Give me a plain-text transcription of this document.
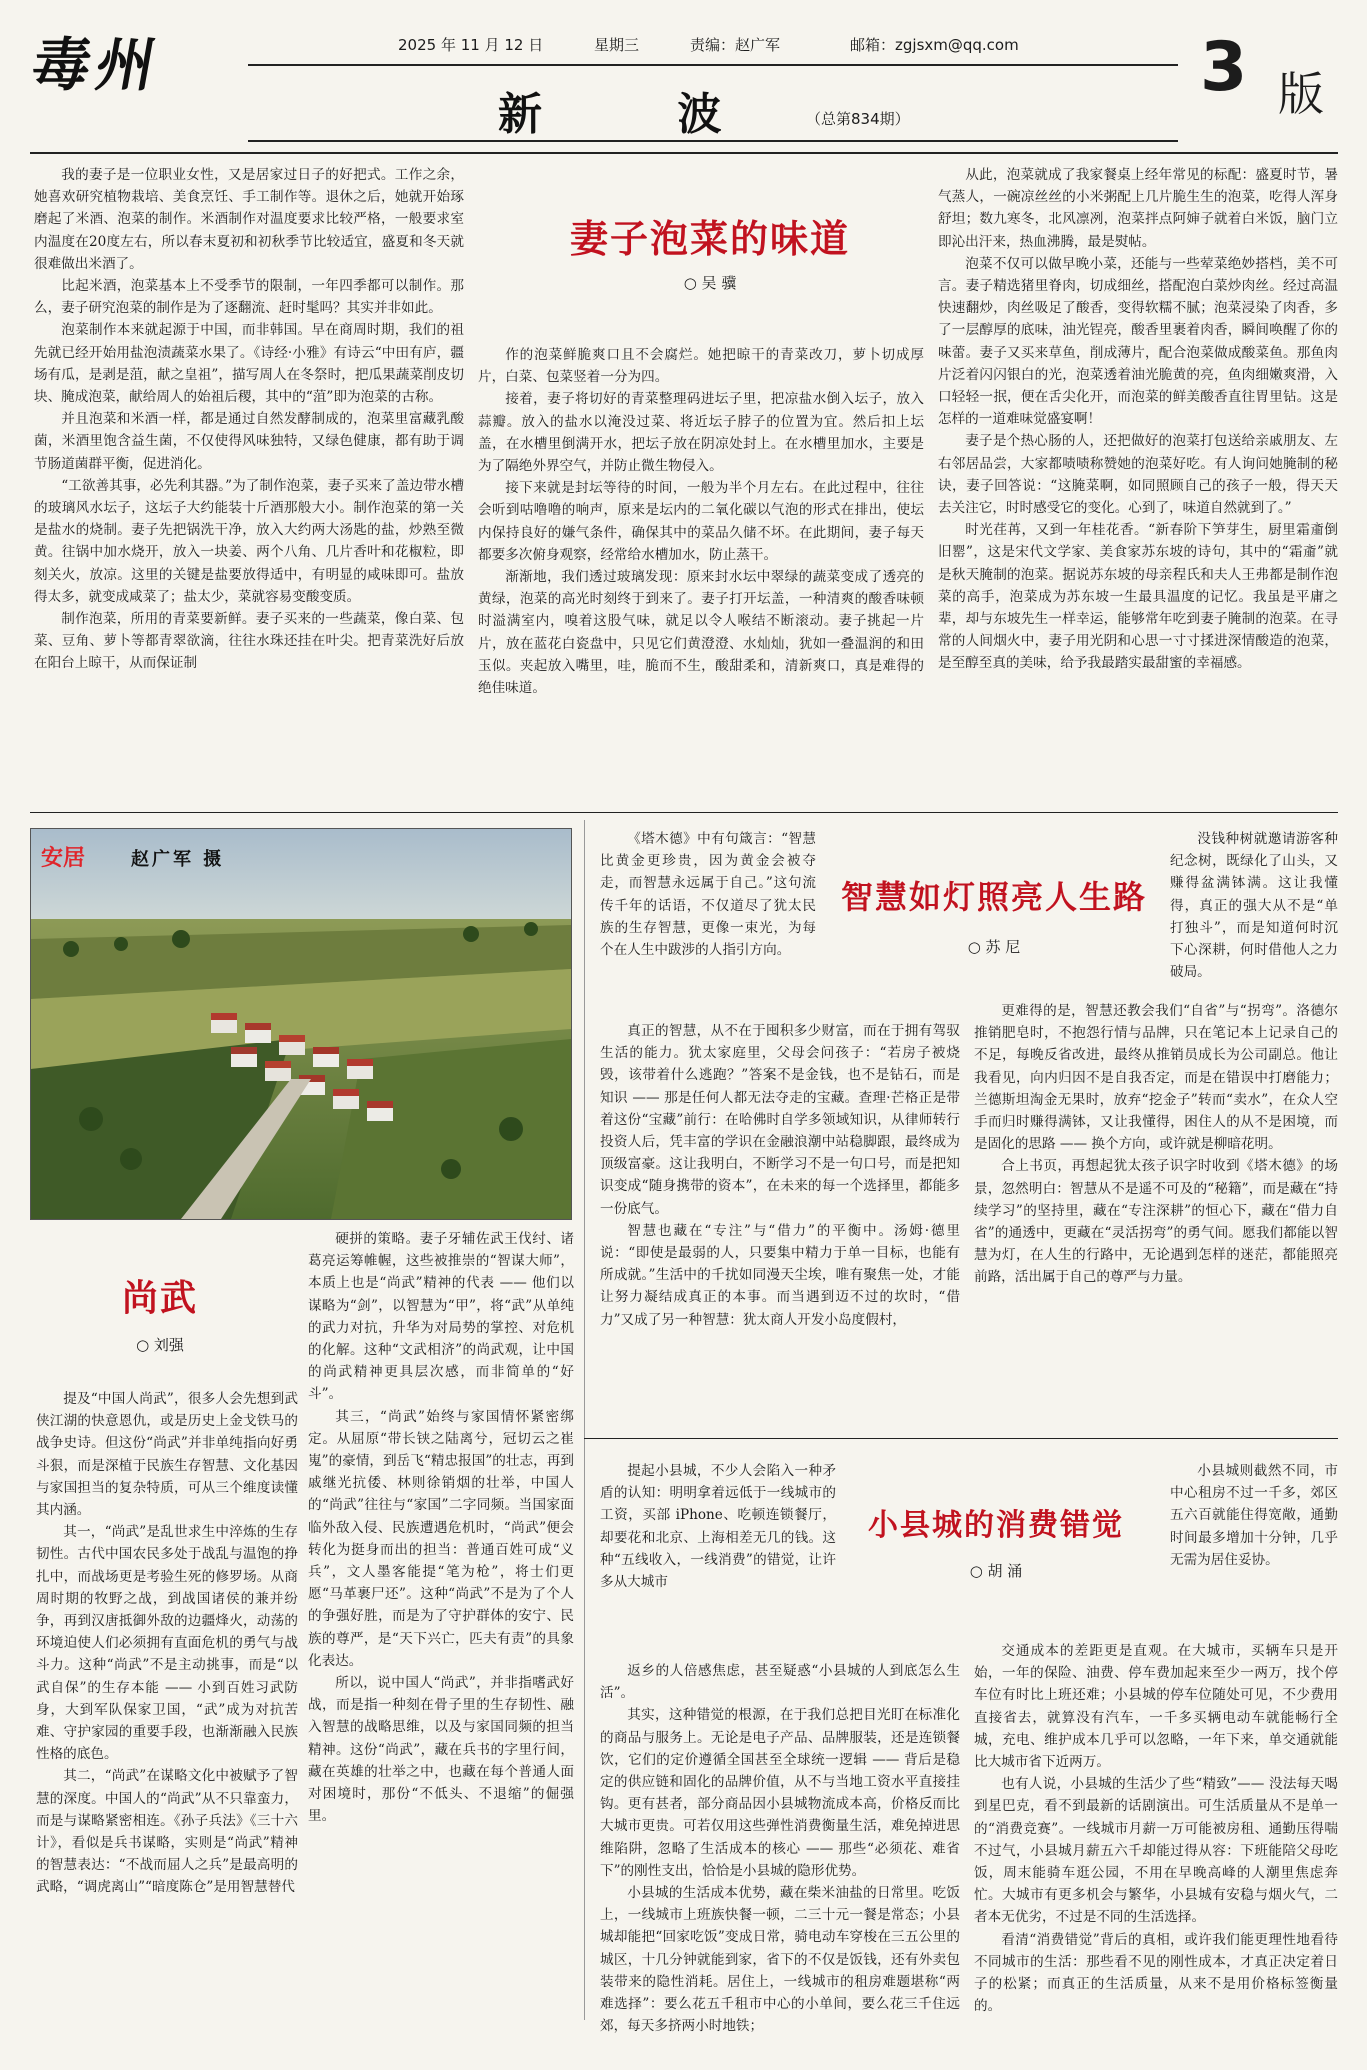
毒州	2025 年 11 月 12 日	星期三	责编：赵广军	邮箱：zgjsxm@qq.com
新 波 （总第834期）
3 版

我的妻子是一位职业女性，又是居家过日子的好把式。工作之余，她喜欢研究植物栽培、美食烹饪、手工制作等。退休之后，她就开始琢磨起了米酒、泡菜的制作。米酒制作对温度要求比较严格，一般要求室内温度在20度左右，所以春末夏初和初秋季节比较适宜，盛夏和冬天就很难做出米酒了。

比起米酒，泡菜基本上不受季节的限制，一年四季都可以制作。那么，妻子研究泡菜的制作是为了逐翻流、赶时髦吗？其实并非如此。

泡菜制作本来就起源于中国，而非韩国。早在商周时期，我们的祖先就已经开始用盐泡渍蔬菜水果了。《诗经·小雅》有诗云“中田有庐，疆场有瓜，是剥是菹，献之皇祖”，描写周人在冬祭时，把瓜果蔬菜削皮切块、腌成泡菜，献给周人的始祖后稷，其中的“菹”即为泡菜的古称。

并且泡菜和米酒一样，都是通过自然发酵制成的，泡菜里富藏乳酸菌，米酒里饱含益生菌，不仅使得风味独特，又绿色健康，都有助于调节肠道菌群平衡，促进消化。

“工欲善其事，必先利其器。”为了制作泡菜，妻子买来了盖边带水槽的玻璃风水坛子，这坛子大约能装十斤酒那般大小。制作泡菜的第一关是盐水的烧制。妻子先把锅洗干净，放入大约两大汤匙的盐，炒熟至微黄。往锅中加水烧开，放入一块姜、两个八角、几片香叶和花椒粒，即刻关火，放凉。这里的关键是盐要放得适中，有明显的咸味即可。盐放得太多，就变成咸菜了；盐太少，菜就容易变酸变质。

制作泡菜，所用的青菜要新鲜。妻子买来的一些蔬菜，像白菜、包菜、豆角、萝卜等都青翠欲滴，往往水珠还挂在叶尖。把青菜洗好后放在阳台上晾干，从而保证制

妻子泡菜的味道
○ 吴 骥

作的泡菜鲜脆爽口且不会腐烂。她把晾干的青菜改刀，萝卜切成厚片，白菜、包菜竖着一分为四。

接着，妻子将切好的青菜整理码进坛子里，把凉盐水倒入坛子，放入蒜瓣。放入的盐水以淹没过菜、将近坛子脖子的位置为宜。然后扣上坛盖，在水槽里倒满开水，把坛子放在阴凉处封上。在水槽里加水，主要是为了隔绝外界空气，并防止微生物侵入。

接下来就是封坛等待的时间，一般为半个月左右。在此过程中，往往会听到咕噜噜的响声，原来是坛内的二氧化碳以气泡的形式在排出，使坛内保持良好的嫌气条件，确保其中的菜品久储不坏。在此期间，妻子每天都要多次俯身观察，经常给水槽加水，防止蒸干。

渐渐地，我们透过玻璃发现：原来封水坛中翠绿的蔬菜变成了透亮的黄绿，泡菜的高光时刻终于到来了。妻子打开坛盖，一种清爽的酸香味顿时溢满室内，嗅着这股气味，就足以令人喉结不断滚动。妻子挑起一片片，放在蓝花白瓷盘中，只见它们黄澄澄、水灿灿，犹如一叠温润的和田玉似。夹起放入嘴里，哇，脆而不生，酸甜柔和，清新爽口，真是难得的绝佳味道。

从此，泡菜就成了我家餐桌上经年常见的标配：盛夏时节，暑气蒸人，一碗凉丝丝的小米粥配上几片脆生生的泡菜，吃得人浑身舒坦；数九寒冬，北风凛冽，泡菜拌点阿婶子就着白米饭，脑门立即沁出汗来，热血沸腾，最是熨帖。

泡菜不仅可以做早晚小菜，还能与一些荤菜绝妙搭档，美不可言。妻子精选猪里脊肉，切成细丝，搭配泡白菜炒肉丝。经过高温快速翻炒，肉丝吸足了酸香，变得软糯不腻；泡菜浸染了肉香，多了一层醇厚的底味，油光锃亮，酸香里裹着肉香，瞬间唤醒了你的味蕾。妻子又买来草鱼，削成薄片，配合泡菜做成酸菜鱼。那鱼肉片泛着闪闪银白的光，泡菜透着油光脆黄的亮，鱼肉细嫩爽滑，入口轻轻一抿，便在舌尖化开，而泡菜的鲜美酸香直往胃里钻。这是怎样的一道难味觉盛宴啊！

妻子是个热心肠的人，还把做好的泡菜打包送给亲戚朋友、左右邻居品尝，大家都啧啧称赞她的泡菜好吃。有人询问她腌制的秘诀，妻子回答说：“这腌菜啊，如同照顾自己的孩子一般，得天天去关注它，时时感受它的变化。心到了，味道自然就到了。”

时光荏苒，又到一年桂花香。“新春阶下笋芽生，厨里霜齑倒旧罂”，这是宋代文学家、美食家苏东坡的诗句，其中的“霜齑”就是秋天腌制的泡菜。据说苏东坡的母亲程氏和夫人王弗都是制作泡菜的高手，泡菜成为苏东坡一生最具温度的记忆。我虽是平庸之辈，却与东坡先生一样幸运，能够常年吃到妻子腌制的泡菜。在寻常的人间烟火中，妻子用光阴和心思一寸寸揉进深情酸造的泡菜，是至醇至真的美味，给予我最踏实最甜蜜的幸福感。

安居	赵广军 摄

《塔木德》中有句箴言：“智慧比黄金更珍贵，因为黄金会被夺走，而智慧永远属于自己。”这句流传千年的话语，不仅道尽了犹太民族的生存智慧，更像一束光，为每个在人生中跋涉的人指引方向。

智慧如灯照亮人生路
○ 苏 尼

真正的智慧，从不在于囤积多少财富，而在于拥有驾驭生活的能力。犹太家庭里，父母会问孩子：“若房子被烧毁，该带着什么逃跑？”答案不是金钱，也不是钻石，而是知识 —— 那是任何人都无法夺走的宝藏。查理·芒格正是带着这份“宝藏”前行：在哈佛时自学多领域知识，从律师转行投资人后，凭丰富的学识在金融浪潮中站稳脚跟，最终成为顶级富豪。这让我明白，不断学习不是一句口号，而是把知识变成“随身携带的资本”，在未来的每一个选择里，都能多一份底气。

智慧也藏在“专注”与“借力”的平衡中。汤姆·德里说：“即使是最弱的人，只要集中精力于单一目标，也能有所成就。”生活中的千扰如同漫天尘埃，唯有聚焦一处，才能让努力凝结成真正的本事。而当遇到迈不过的坎时，“借力”又成了另一种智慧：犹太商人开发小岛度假村，

没钱种树就邀请游客种纪念树，既绿化了山头，又赚得盆满钵满。这让我懂得，真正的强大从不是“单打独斗”，而是知道何时沉下心深耕，何时借他人之力破局。

更难得的是，智慧还教会我们“自省”与“拐弯”。洛德尔推销肥皂时，不抱怨行情与品牌，只在笔记本上记录自己的不足，每晚反省改进，最终从推销员成长为公司副总。他让我看见，向内归因不是自我否定，而是在错误中打磨能力；兰德斯坦淘金无果时，放弃“挖金子”转而“卖水”，在众人空手而归时赚得满钵，又让我懂得，困住人的从不是困境，而是固化的思路 —— 换个方向，或许就是柳暗花明。

合上书页，再想起犹太孩子识字时收到《塔木德》的场景，忽然明白：智慧从不是遥不可及的“秘籍”，而是藏在“持续学习”的坚持里，藏在“专注深耕”的恒心下，藏在“借力自省”的通透中，更藏在“灵活拐弯”的勇气间。愿我们都能以智慧为灯，在人生的行路中，无论遇到怎样的迷茫，都能照亮前路，活出属于自己的尊严与力量。

尚武
○ 刘强

提及“中国人尚武”，很多人会先想到武侠江湖的快意恩仇，或是历史上金戈铁马的战争史诗。但这份“尚武”并非单纯指向好勇斗狠，而是深植于民族生存智慧、文化基因与家国担当的复杂特质，可从三个维度读懂其内涵。

其一，“尚武”是乱世求生中淬炼的生存韧性。古代中国农民多处于战乱与温饱的挣扎中，而战场更是考验生死的修罗场。从商周时期的牧野之战，到战国诸侯的兼并纷争，再到汉唐抵御外敌的边疆烽火，动荡的环境迫使人们必须拥有直面危机的勇气与战斗力。这种“尚武”不是主动挑事，而是“以武自保”的生存本能 —— 小到百姓习武防身，大到军队保家卫国，“武”成为对抗苦难、守护家园的重要手段，也渐渐融入民族性格的底色。

其二，“尚武”在谋略文化中被赋予了智慧的深度。中国人的“尚武”从不只靠蛮力，而是与谋略紧密相连。《孙子兵法》《三十六计》，看似是兵书谋略，实则是“尚武”精神的智慧表达：“不战而屈人之兵”是最高明的武略，“调虎离山”“暗度陈仓”是用智慧替代

硬拼的策略。妻子牙辅佐武王伐纣、诸葛亮运筹帷幄，这些被推崇的“智谋大师”，本质上也是“尚武”精神的代表 —— 他们以谋略为“剑”，以智慧为“甲”，将“武”从单纯的武力对抗，升华为对局势的掌控、对危机的化解。这种“文武相济”的尚武观，让中国的尚武精神更具层次感，而非简单的“好斗”。

其三，“尚武”始终与家国情怀紧密绑定。从屈原“带长铗之陆离兮，冠切云之崔嵬”的豪情，到岳飞“精忠报国”的壮志，再到戚继光抗倭、林则徐销烟的壮举，中国人的“尚武”往往与“家国”二字同频。当国家面临外敌入侵、民族遭遇危机时，“尚武”便会转化为挺身而出的担当：普通百姓可成“义兵”，文人墨客能提“笔为枪”，将士们更愿“马革裹尸还”。这种“尚武”不是为了个人的争强好胜，而是为了守护群体的安宁、民族的尊严，是“天下兴亡，匹夫有责”的具象化表达。

所以，说中国人“尚武”，并非指嗜武好战，而是指一种刻在骨子里的生存韧性、融入智慧的战略思维，以及与家国同频的担当精神。这份“尚武”，藏在兵书的字里行间，藏在英雄的壮举之中，也藏在每个普通人面对困境时，那份“不低头、不退缩”的倔强里。

提起小县城，不少人会陷入一种矛盾的认知：明明拿着远低于一线城市的工资，买部 iPhone、吃顿连锁餐厅，却要花和北京、上海相差无几的钱。这种“五线收入，一线消费”的错觉，让许多从大城市

小县城的消费错觉
○ 胡 涌

返乡的人倍感焦虑，甚至疑惑“小县城的人到底怎么生活”。

其实，这种错觉的根源，在于我们总把目光盯在标准化的商品与服务上。无论是电子产品、品牌服装，还是连锁餐饮，它们的定价遵循全国甚至全球统一逻辑 —— 背后是稳定的供应链和固化的品牌价值，从不与当地工资水平直接挂钩。更有甚者，部分商品因小县城物流成本高，价格反而比大城市更贵。可若仅用这些弹性消费衡量生活，难免掉进思维陷阱，忽略了生活成本的核心 —— 那些“必须花、难省下”的刚性支出，恰恰是小县城的隐形优势。

小县城的生活成本优势，藏在柴米油盐的日常里。吃饭上，一线城市上班族快餐一顿，二三十元一餐是常态；小县城却能把“回家吃饭”变成日常，骑电动车穿梭在三五公里的城区，十几分钟就能到家，省下的不仅是饭钱，还有外卖包装带来的隐性消耗。居住上，一线城市的租房难题堪称“两难选择”：要么花五千租市中心的小单间，要么花三千住远郊，每天多挤两小时地铁；

小县城则截然不同，市中心租房不过一千多，郊区五六百就能住得宽敞，通勤时间最多增加十分钟，几乎无需为居住妥协。

交通成本的差距更是直观。在大城市，买辆车只是开始，一年的保险、油费、停车费加起来至少一两万，找个停车位有时比上班还难；小县城的停车位随处可见，不少费用直接省去，就算没有汽车，一千多买辆电动车就能畅行全城，充电、维护成本几乎可以忽略，一年下来，单交通就能比大城市省下近两万。

也有人说，小县城的生活少了些“精致”—— 没法每天喝到星巴克，看不到最新的话剧演出。可生活质量从不是单一的“消费竞赛”。一线城市月薪一万可能被房租、通勤压得喘不过气，小县城月薪五六千却能过得从容：下班能陪父母吃饭，周末能骑车逛公园，不用在早晚高峰的人潮里焦虑奔忙。大城市有更多机会与繁华，小县城有安稳与烟火气，二者本无优劣，不过是不同的生活选择。

看清“消费错觉”背后的真相，或许我们能更理性地看待不同城市的生活：那些看不见的刚性成本，才真正决定着日子的松紧；而真正的生活质量，从来不是用价格标签衡量的。
